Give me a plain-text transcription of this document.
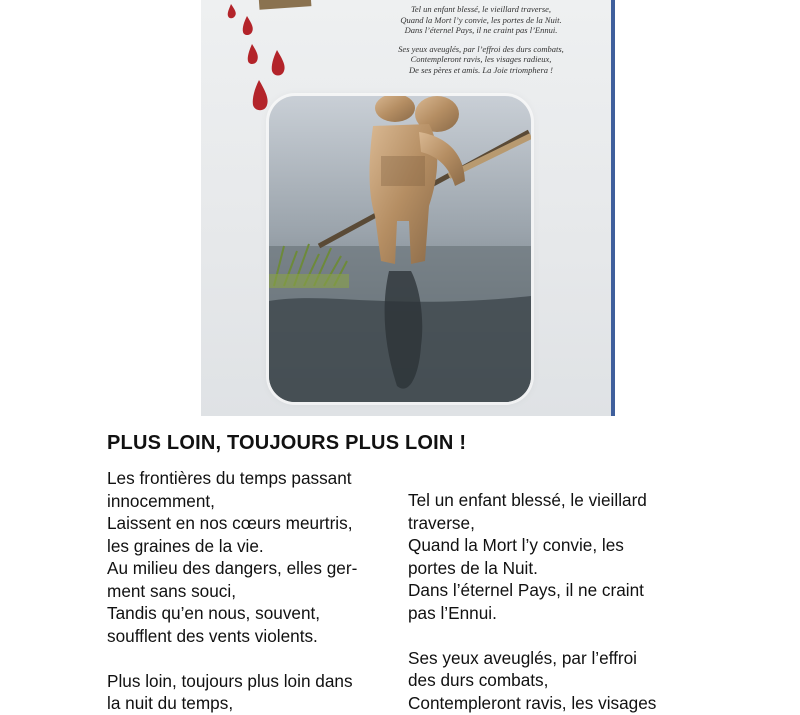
Tel un enfant blessé, le vieillard traverse,
Quand la Mort l’y convie, les portes de la Nuit.
Dans l’éternel Pays, il ne craint pas l’Ennui.
Ses yeux aveuglés, par l’effroi des durs combats,
Contempleront ravis, les visages radieux,
De ses pères et amis. La Joie triomphera !
PLUS LOIN, TOUJOURS PLUS LOIN !
Les frontières du temps passant
innocemment,
Laissent en nos cœurs meurtris,
les graines de la vie.
Au milieu des dangers, elles ger-
ment sans souci,
Tandis qu’en nous, souvent,
soufflent des vents violents.
Plus loin, toujours plus loin dans
la nuit du temps,
Tel un enfant blessé, le vieillard
traverse,
Quand la Mort l’y convie, les
portes de la Nuit.
Dans l’éternel Pays, il ne craint
pas l’Ennui.
Ses yeux aveuglés, par l’effroi
des durs combats,
Contempleront ravis, les visages
